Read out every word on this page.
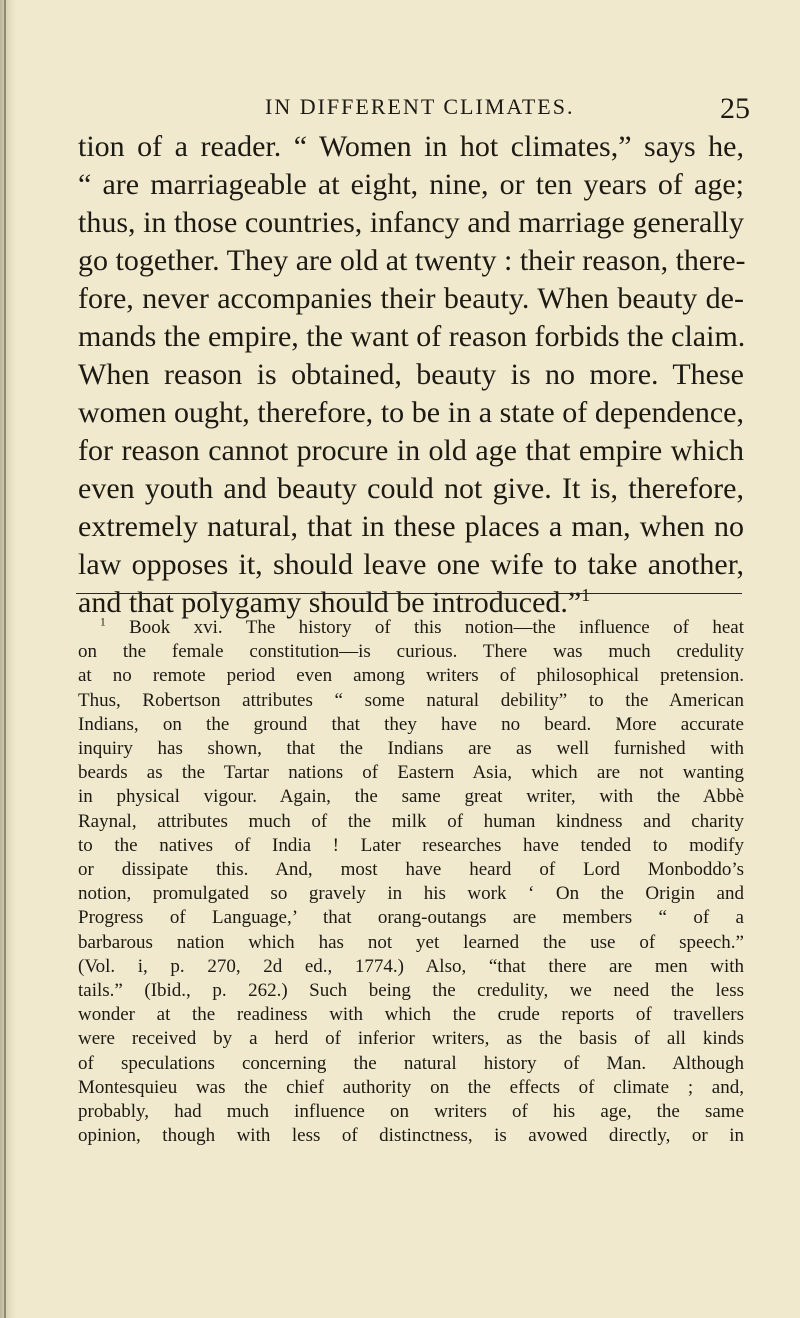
IN DIFFERENT CLIMATES.	25
tion of a reader. “ Women in hot climates,” says he,
“ are marriageable at eight, nine, or ten years of age;
thus, in those countries, infancy and marriage generally
go together. They are old at twenty : their reason, there-
fore, never accompanies their beauty. When beauty de-
mands the empire, the want of reason forbids the claim.
When reason is obtained, beauty is no more. These
women ought, therefore, to be in a state of dependence,
for reason cannot procure in old age that empire which
even youth and beauty could not give. It is, therefore,
extremely natural, that in these places a man, when no
law opposes it, should leave one wife to take another,
and that polygamy should be introduced.”$^1$
$^1$ Book xvi. The history of this notion—the influence of heat
on the female constitution—is curious. There was much credulity
at no remote period even among writers of philosophical pretension.
Thus, Robertson attributes “ some natural debility” to the American
Indians, on the ground that they have no beard. More accurate
inquiry has shown, that the Indians are as well furnished with
beards as the Tartar nations of Eastern Asia, which are not wanting
in physical vigour. Again, the same great writer, with the Abbè
Raynal, attributes much of the milk of human kindness and charity
to the natives of India ! Later researches have tended to modify
or dissipate this. And, most have heard of Lord Monboddo’s
notion, promulgated so gravely in his work ‘ On the Origin and
Progress of Language,’ that orang-outangs are members “ of a
barbarous nation which has not yet learned the use of speech.”
(Vol. i, p. 270, 2d ed., 1774.) Also, “that there are men with
tails.” (Ibid., p. 262.) Such being the credulity, we need the less
wonder at the readiness with which the crude reports of travellers
were received by a herd of inferior writers, as the basis of all kinds
of speculations concerning the natural history of Man. Although
Montesquieu was the chief authority on the effects of climate ; and,
probably, had much influence on writers of his age, the same
opinion, though with less of distinctness, is avowed directly, or in
